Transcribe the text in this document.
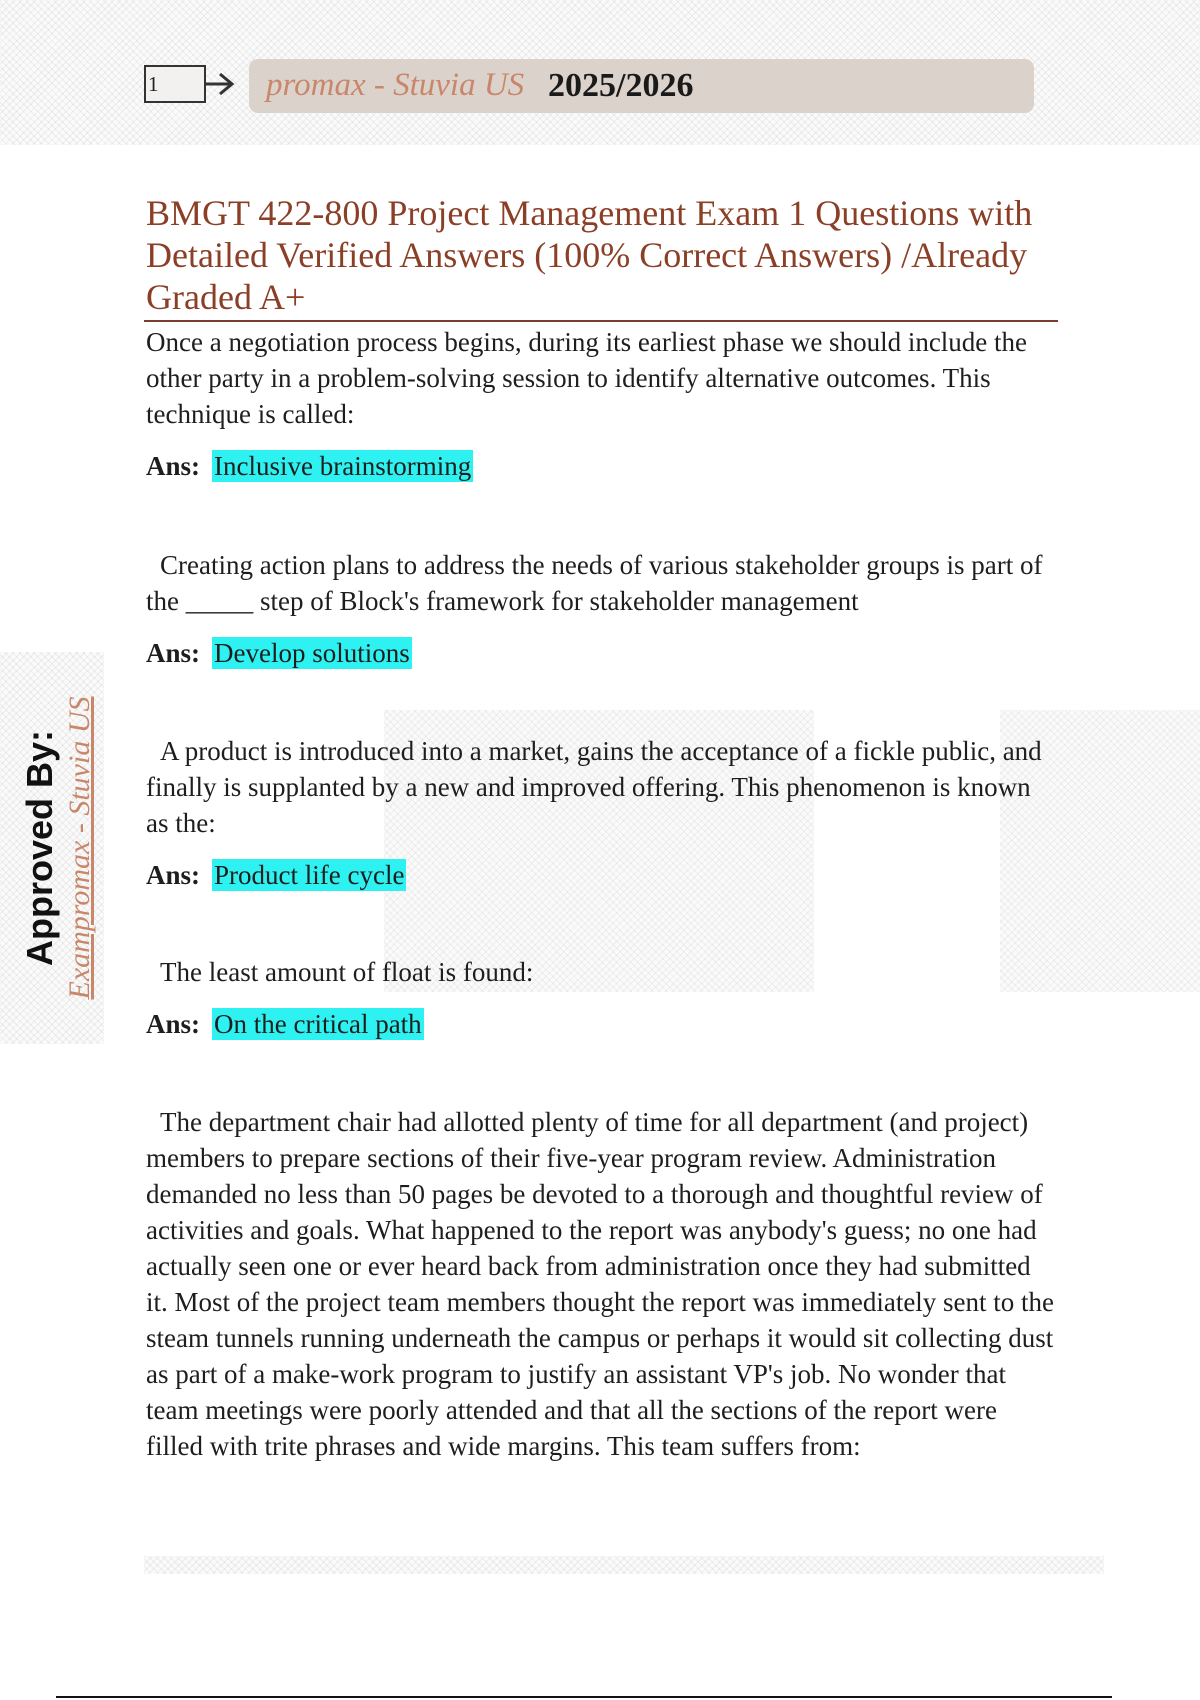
1	promax - Stuvia US 2025/2026
BMGT 422-800 Project Management Exam 1 Questions with Detailed Verified Answers (100% Correct Answers) /Already Graded A+
Approved By: Exampromax - Stuvia US

Once a negotiation process begins, during its earliest phase we should include the other party in a problem-solving session to identify alternative outcomes. This technique is called:

Ans: Inclusive brainstorming

Creating action plans to address the needs of various stakeholder groups is part of the _____ step of Block's framework for stakeholder management

Ans: Develop solutions

A product is introduced into a market, gains the acceptance of a fickle public, and finally is supplanted by a new and improved offering. This phenomenon is known as the:

Ans: Product life cycle

The least amount of float is found:

Ans: On the critical path

The department chair had allotted plenty of time for all department (and project) members to prepare sections of their five-year program review. Administration demanded no less than 50 pages be devoted to a thorough and thoughtful review of activities and goals. What happened to the report was anybody's guess; no one had actually seen one or ever heard back from administration once they had submitted it. Most of the project team members thought the report was immediately sent to the steam tunnels running underneath the campus or perhaps it would sit collecting dust as part of a make-work program to justify an assistant VP's job. No wonder that team meetings were poorly attended and that all the sections of the report were filled with trite phrases and wide margins. This team suffers from:
